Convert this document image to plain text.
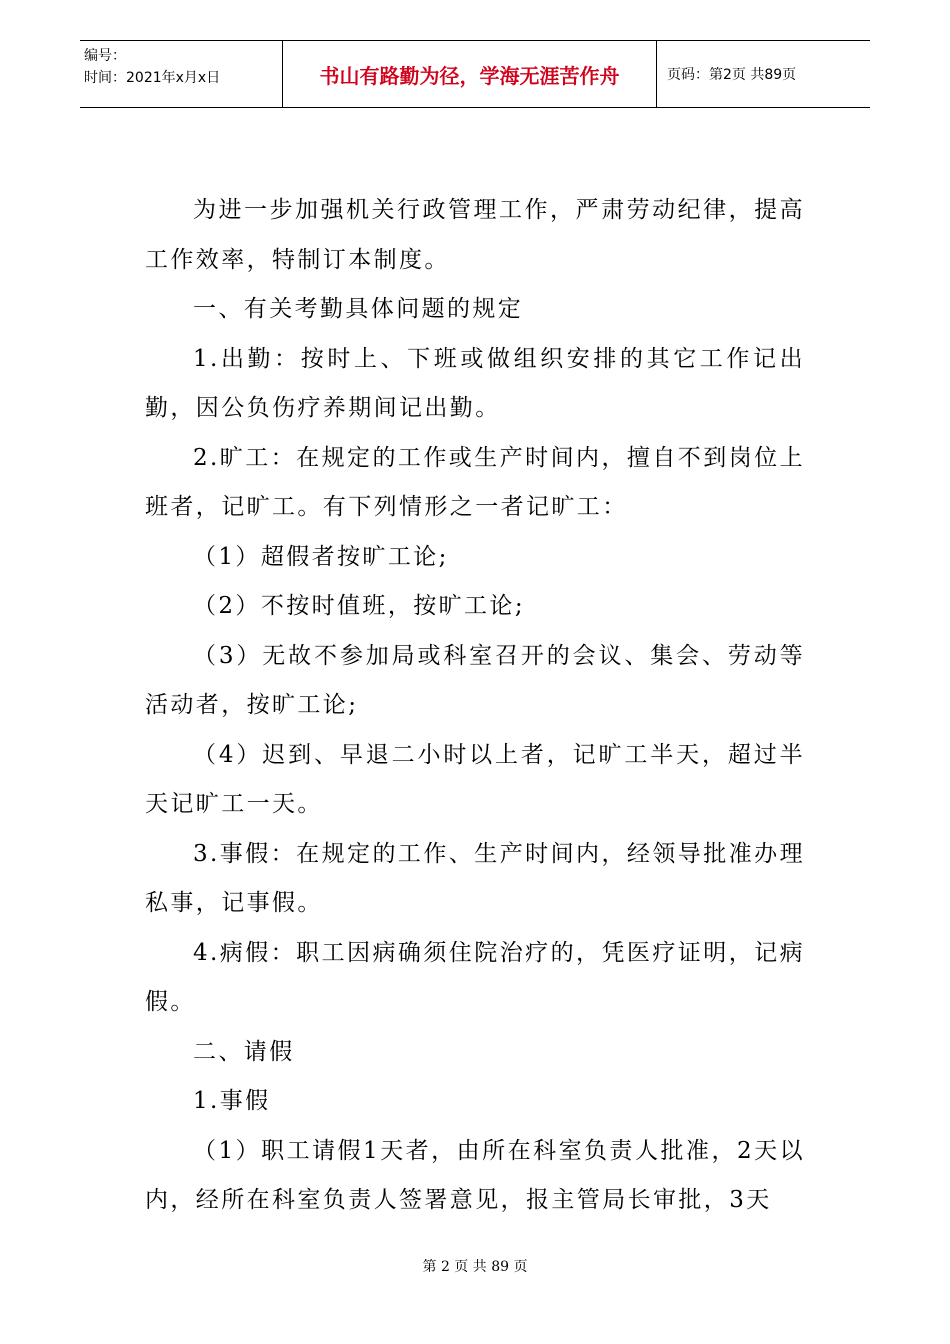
编号：
时间：2021年x月x日	书山有路勤为径，学海无涯苦作舟	页码：第2页 共89页

为进一步加强机关行政管理工作，严肃劳动纪律，提高工作效率，特制订本制度。

一、有关考勤具体问题的规定

1.出勤：按时上、下班或做组织安排的其它工作记出勤，因公负伤疗养期间记出勤。

2.旷工：在规定的工作或生产时间内，擅自不到岗位上班者，记旷工。有下列情形之一者记旷工：

（1）超假者按旷工论;

（2）不按时值班，按旷工论;

（3）无故不参加局或科室召开的会议、集会、劳动等活动者，按旷工论;

（4）迟到、早退二小时以上者，记旷工半天，超过半天记旷工一天。

3.事假：在规定的工作、生产时间内，经领导批准办理私事，记事假。

4.病假：职工因病确须住院治疗的，凭医疗证明，记病假。

二、请假

1.事假

（1）职工请假1天者，由所在科室负责人批准，2天以内，经所在科室负责人签署意见，报主管局长审批，3天

第 2 页 共 89 页
